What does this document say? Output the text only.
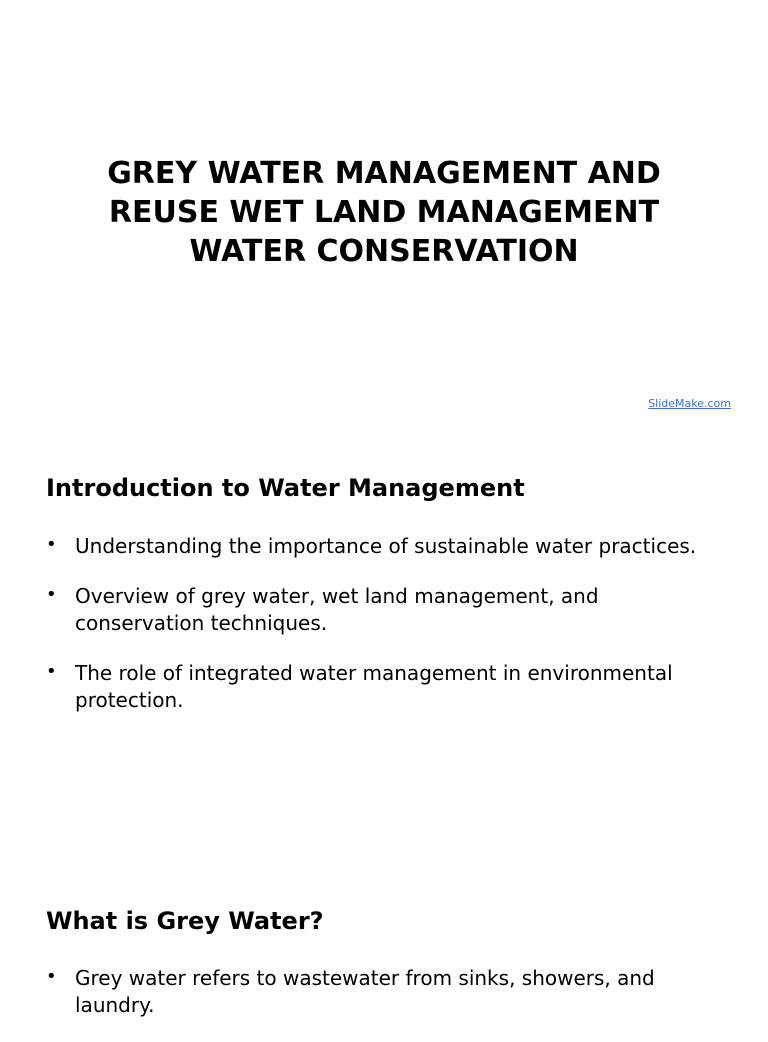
GREY WATER MANAGEMENT AND REUSE WET LAND MANAGEMENT WATER CONSERVATION
SlideMake.com
Introduction to Water Management
• Understanding the importance of sustainable water practices.
• Overview of grey water, wet land management, and conservation techniques.
• The role of integrated water management in environmental protection.
What is Grey Water?
• Grey water refers to wastewater from sinks, showers, and laundry.
